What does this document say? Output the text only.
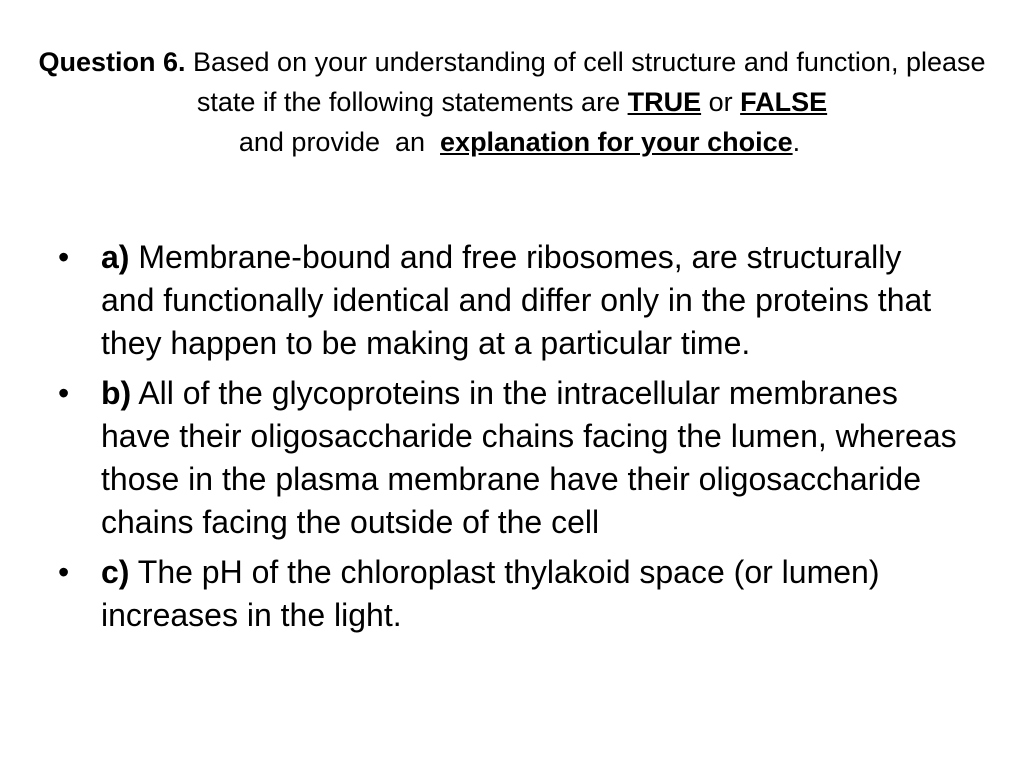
Question 6. Based on your understanding of cell structure and function, please state if the following statements are TRUE or FALSE  and provide  an  explanation for your choice.
• a) Membrane-bound and free ribosomes, are structurally and functionally identical and differ only in the proteins that they happen to be making at a particular time.
• b) All of the glycoproteins in the intracellular membranes have their oligosaccharide chains facing the lumen, whereas those in the plasma membrane have their oligosaccharide chains facing the outside of the cell
• c) The pH of the chloroplast thylakoid space (or lumen) increases in the light.
